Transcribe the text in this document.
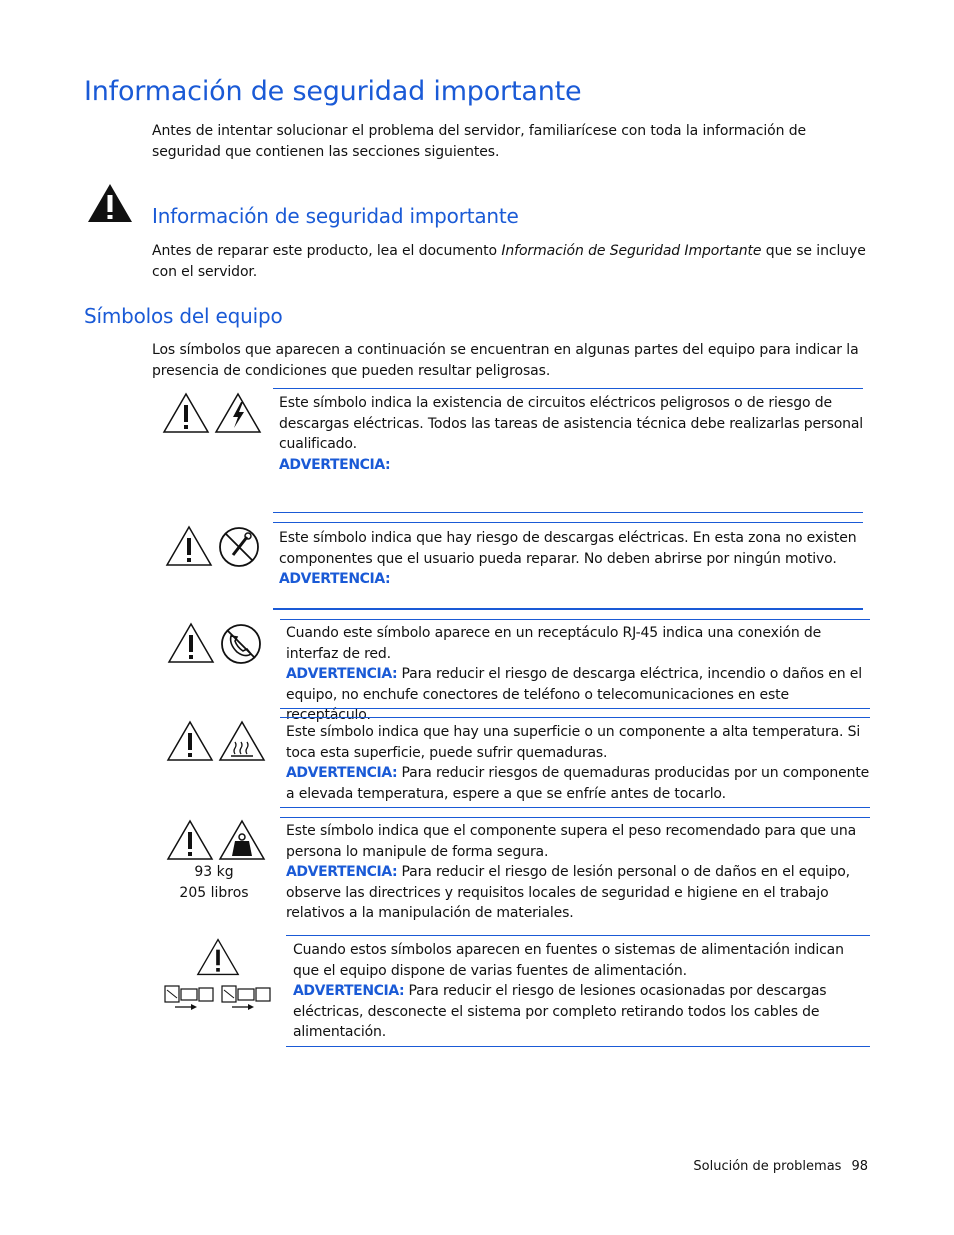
Información de seguridad importante

Antes de intentar solucionar el problema del servidor, familiarícese con toda la información de seguridad que contienen las secciones siguientes.

Información de seguridad importante

Antes de reparar este producto, lea el documento Información de Seguridad Importante que se incluye con el servidor.

Símbolos del equipo

Los símbolos que aparecen a continuación se encuentran en algunas partes del equipo para indicar la presencia de condiciones que pueden resultar peligrosas.

Este símbolo indica la existencia de circuitos eléctricos peligrosos o de riesgo de descargas eléctricas. Todos las tareas de asistencia técnica debe realizarlas personal cualificado.
ADVERTENCIA:
Este símbolo indica que hay riesgo de descargas eléctricas. En esta zona no existen componentes que el usuario pueda reparar. No deben abrirse por ningún motivo.
ADVERTENCIA:
Cuando este símbolo aparece en un receptáculo RJ-45 indica una conexión de interfaz de red.
ADVERTENCIA: Para reducir el riesgo de descarga eléctrica, incendio o daños en el equipo, no enchufe conectores de teléfono o telecomunicaciones en este receptáculo.
Este símbolo indica que hay una superficie o un componente a alta temperatura. Si toca esta superficie, puede sufrir quemaduras.
ADVERTENCIA: Para reducir riesgos de quemaduras producidas por un componente a elevada temperatura, espere a que se enfríe antes de tocarlo.
93 kg
205 libros
Este símbolo indica que el componente supera el peso recomendado para que una persona lo manipule de forma segura.
ADVERTENCIA: Para reducir el riesgo de lesión personal o de daños en el equipo, observe las directrices y requisitos locales de seguridad e higiene en el trabajo relativos a la manipulación de materiales.
Cuando estos símbolos aparecen en fuentes o sistemas de alimentación indican que el equipo dispone de varias fuentes de alimentación.
ADVERTENCIA: Para reducir el riesgo de lesiones ocasionadas por descargas eléctricas, desconecte el sistema por completo retirando todos los cables de alimentación.
Solución de problemas 98
